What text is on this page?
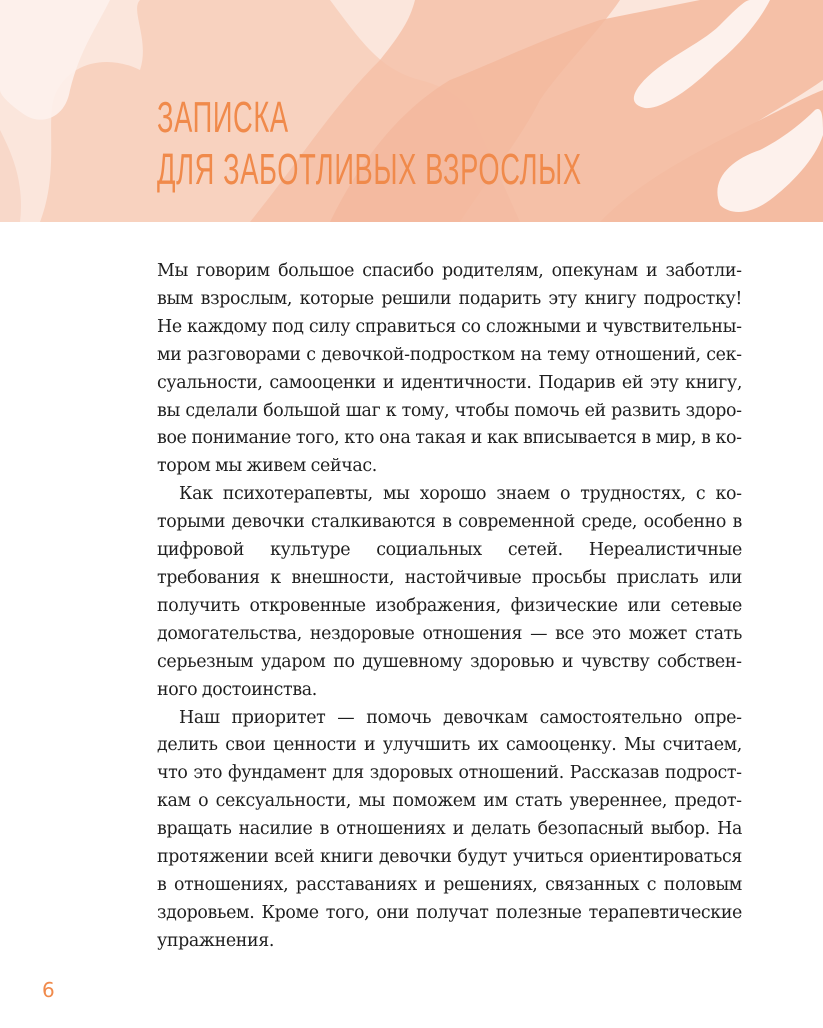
ЗАПИСКА
ДЛЯ ЗАБОТЛИВЫХ ВЗРОСЛЫХ

Мы говорим большое спасибо родителям, опекунам и заботливым взрослым, которые решили подарить эту книгу подростку! Не каждому под силу справиться со сложными и чувствительными разговорами с девочкой-подростком на тему отношений, сексуальности, самооценки и идентичности. Подарив ей эту книгу, вы сделали большой шаг к тому, чтобы помочь ей развить здоровое понимание того, кто она такая и как вписывается в мир, в котором мы живем сейчас.

Как психотерапевты, мы хорошо знаем о трудностях, с которыми девочки сталкиваются в современной среде, особенно в цифровой культуре социальных сетей. Нереалистичные требования к внешности, настойчивые просьбы прислать или получить откровенные изображения, физические или сетевые домогательства, нездоровые отношения — все это может стать серьезным ударом по душевному здоровью и чувству собственного достоинства.

Наш приоритет — помочь девочкам самостоятельно определить свои ценности и улучшить их самооценку. Мы считаем, что это фундамент для здоровых отношений. Рассказав подросткам о сексуальности, мы поможем им стать увереннее, предотвращать насилие в отношениях и делать безопасный выбор. На протяжении всей книги девочки будут учиться ориентироваться в отношениях, расставаниях и решениях, связанных с половым здоровьем. Кроме того, они получат полезные терапевтические упражнения.

6
